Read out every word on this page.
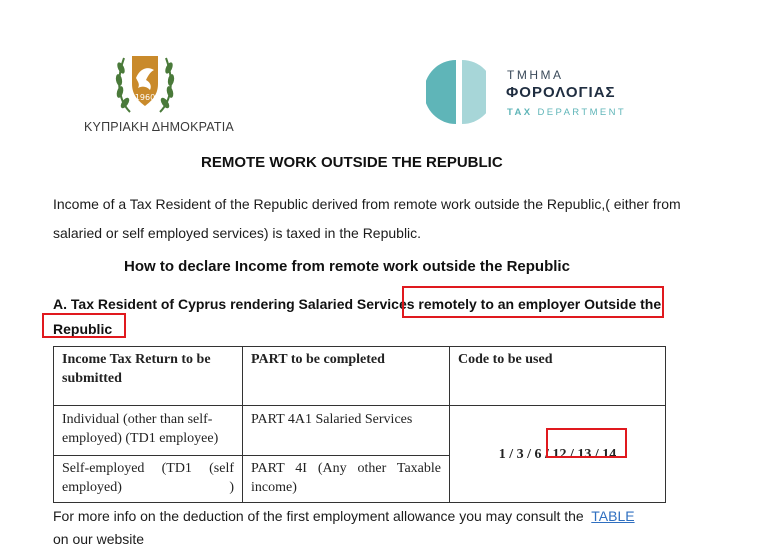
1960
ΚΥΠΡΙΑΚΗ ΔΗΜΟΚΡΑΤΙΑ
ΤΜΗΜΑ
ΦΟΡΟΛΟΓΙΑΣ
TAX DEPARTMENT
REMOTE WORK OUTSIDE THE REPUBLIC
Income of a Tax Resident of the Republic derived from remote work outside the Republic,( either from salaried or self employed services) is taxed in the Republic.
How to declare Income from remote work outside the Republic
A. Tax Resident of Cyprus rendering Salaried Services remotely to an employer Outside the Republic
Income Tax Return to be submitted	PART to be completed	Code to be used
Individual (other than self-employed) (TD1 employee)	PART 4A1 Salaried Services	1 / 3 / 6 / 12 / 13 / 14
Self-employed (TD1 (self employed) )	PART 4I (Any other Taxable income)	
For more info on the deduction of the first employment allowance you may consult the TABLE
on our website
